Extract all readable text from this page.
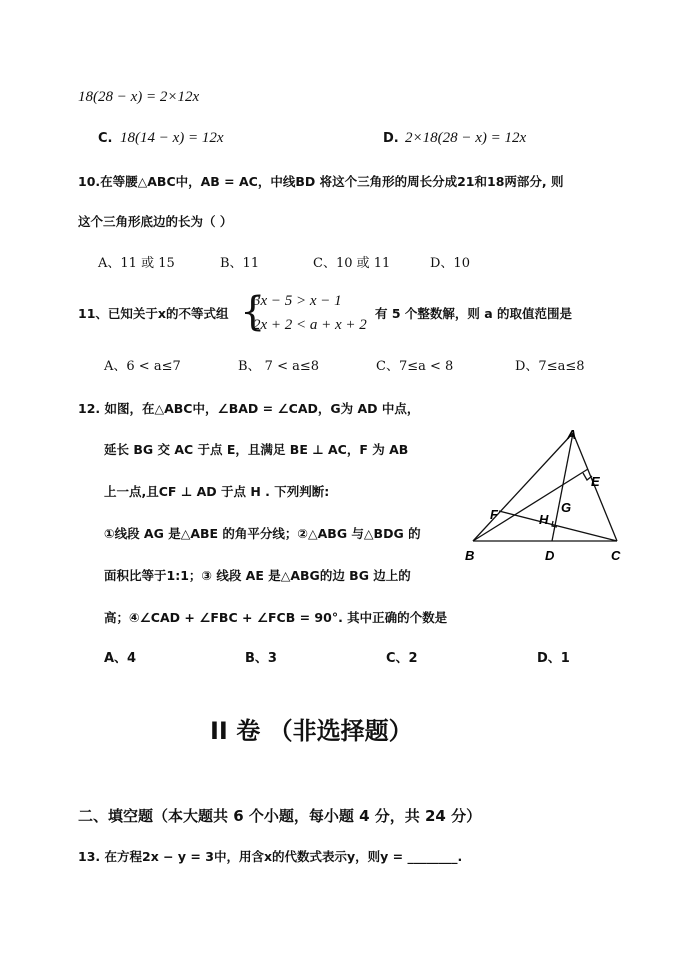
18(28 − x) = 2×12x
C. 18(14 − x) = 12x	D. 2×18(28 − x) = 12x
10.在等腰△ABC中，AB = AC，中线BD 将这个三角形的周长分成21和18两部分, 则
这个三角形底边的长为（ ）
A、11 或 15	B、11	C、10 或 11	D、10
11、已知关于x的不等式组 {
3x − 5 > x − 1
2x + 2 < a + x + 2
有 5 个整数解，则 a 的取值范围是
A、6 < a≤7	B、 7 < a≤8	C、7≤a < 8	D、7≤a≤8
12. 如图，在△ABC中，∠BAD = ∠CAD，G为 AD 中点，
延长 BG 交 AC 于点 E，且满足 BE ⊥ AC，F 为 AB
上一点,且CF ⊥ AD 于点 H . 下列判断:
①线段 AG 是△ABE 的角平分线；②△ABG 与△BDG 的
面积比等于1:1；③ 线段 AE 是△ABG的边 BG 边上的
高；④∠CAD + ∠FBC + ∠FCB = 90°. 其中正确的个数是
A、4	B、3	C、2	D、1
A
B	C
D
E
F	G
H
II 卷 （非选择题）
二、填空题（本大题共 6 个小题，每小题 4 分，共 24 分）
13. 在方程2x − y = 3中，用含x的代数式表示y，则y = ________.
